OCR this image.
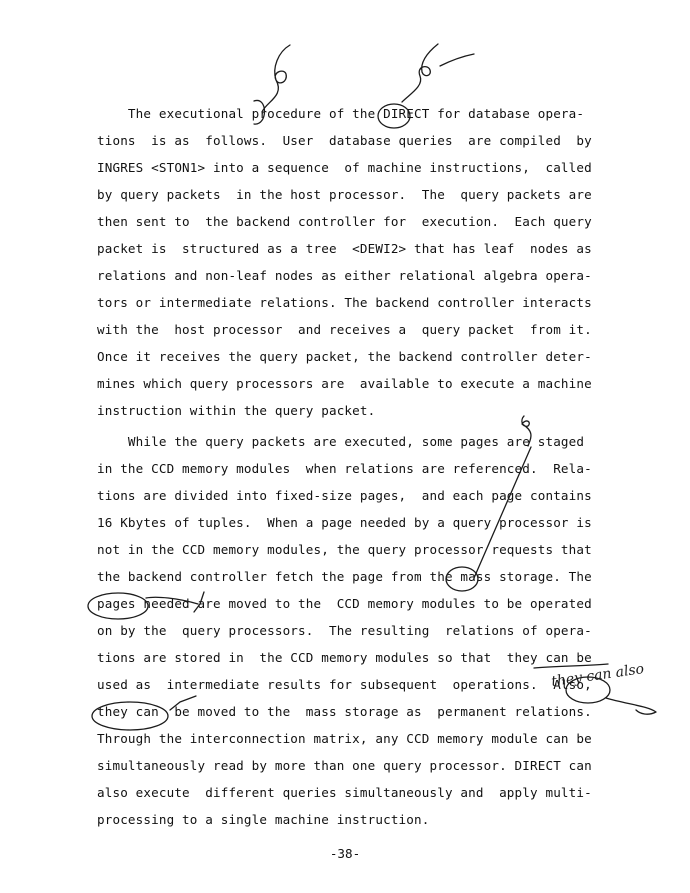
The executional procedure of the DIRECT for database opera-
tions  is as  follows.  User  database queries  are compiled  by
INGRES <STON1> into a sequence  of machine instructions,  called
by query packets  in the host processor.  The  query packets are
then sent to  the backend controller for  execution.  Each query
packet is  structured as a tree  <DEWI2> that has leaf  nodes as
relations and non-leaf nodes as either relational algebra opera-
tors or intermediate relations. The backend controller interacts
with the  host processor  and receives a  query packet  from it.
Once it receives the query packet, the backend controller deter-
mines which query processors are  available to execute a machine
instruction within the query packet.
While the query packets are executed, some pages are staged
in the CCD memory modules  when relations are referenced.  Rela-
tions are divided into fixed-size pages,  and each page contains
16 Kbytes of tuples.  When a page needed by a query processor is
not in the CCD memory modules, the query processor requests that
the backend controller fetch the page from the mass storage. The
pages needed are moved to the  CCD memory modules to be operated
on by the  query processors.  The resulting  relations of opera-
tions are stored in  the CCD memory modules so that  they can be
used as  intermediate results for subsequent  operations.  Also,
they can  be moved to the  mass storage as  permanent relations.
Through the interconnection matrix, any CCD memory module can be
simultaneously read by more than one query processor. DIRECT can
also execute  different queries simultaneously and  apply multi-
processing to a single machine instruction.
-38-
they can also
